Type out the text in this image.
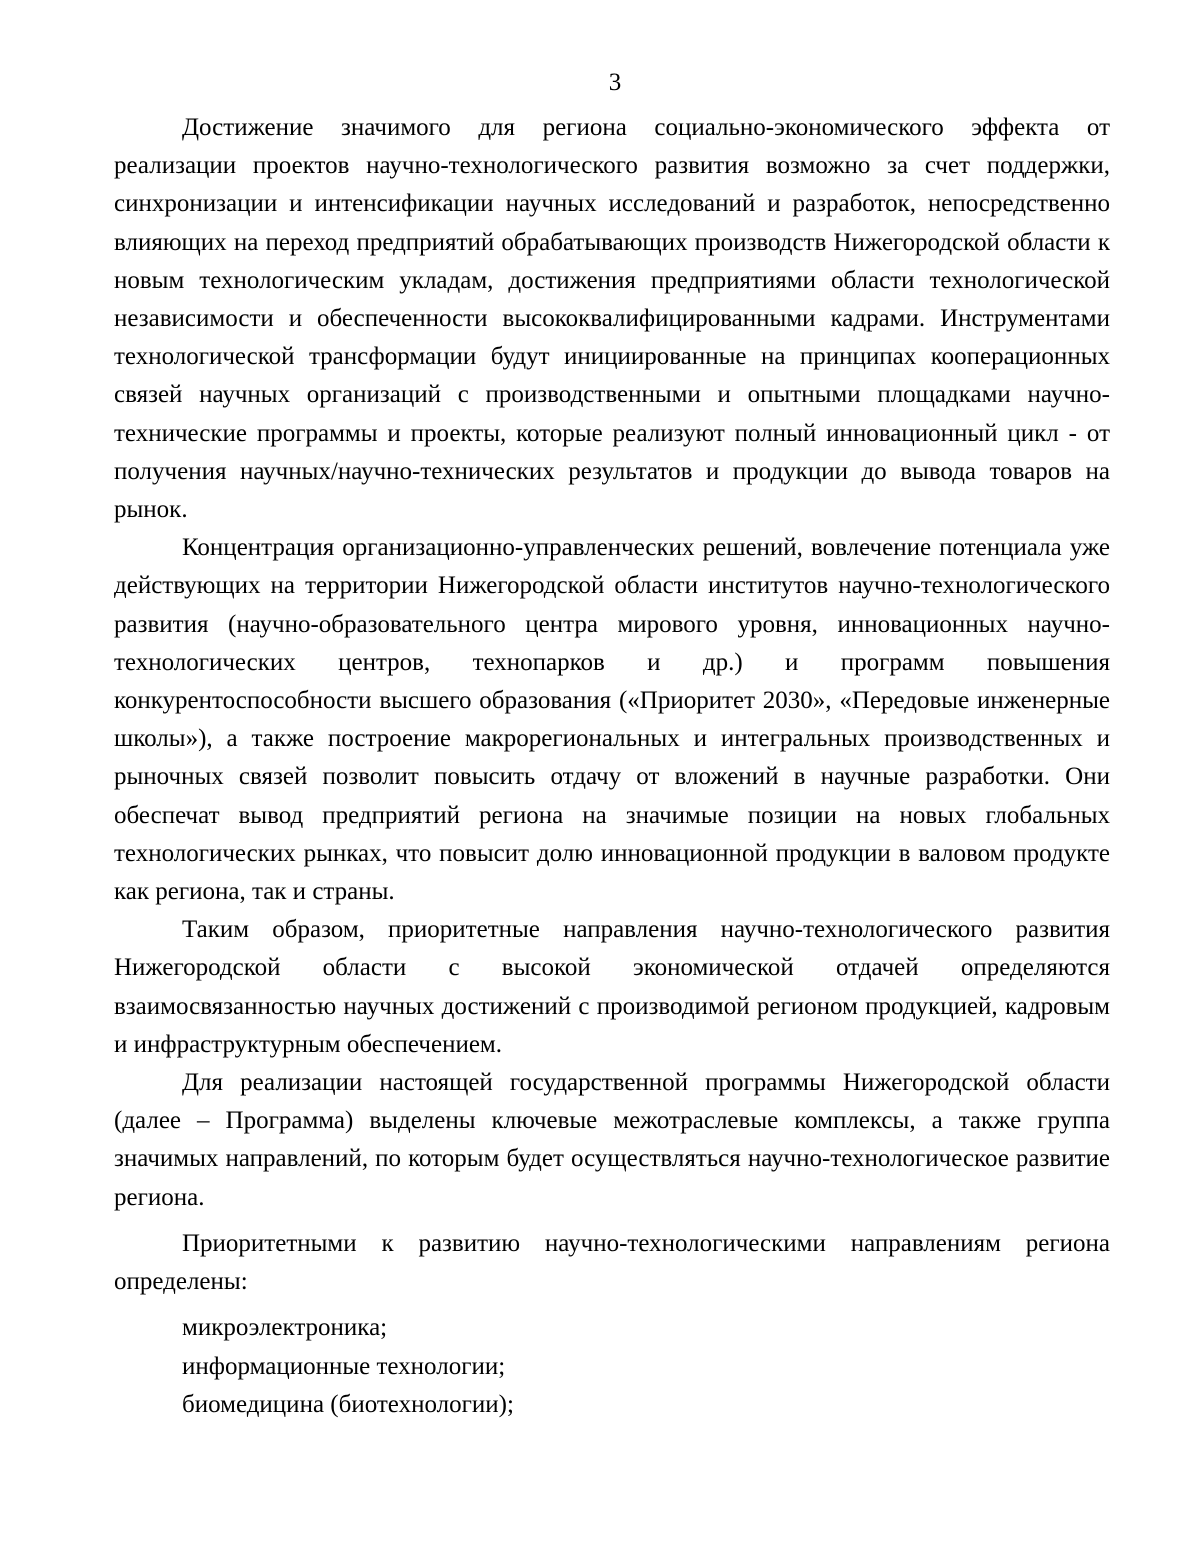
3

Достижение значимого для региона социально-экономического эффекта от реализации проектов научно-технологического развития возможно за счет поддержки, синхронизации и интенсификации научных исследований и разработок, непосредственно влияющих на переход предприятий обрабатывающих производств Нижегородской области к новым технологическим укладам, достижения предприятиями области технологической независимости и обеспеченности высококвалифицированными кадрами. Инструментами технологической трансформации будут инициированные на принципах кооперационных связей научных организаций с производственными и опытными площадками научно-технические программы и проекты, которые реализуют полный инновационный цикл - от получения научных/научно-технических результатов и продукции до вывода товаров на рынок.

Концентрация организационно-управленческих решений, вовлечение потенциала уже действующих на территории Нижегородской области институтов научно-технологического развития (научно-образовательного центра мирового уровня, инновационных научно-технологических центров, технопарков и др.) и программ повышения конкурентоспособности высшего образования («Приоритет 2030», «Передовые инженерные школы»), а также построение макрорегиональных и интегральных производственных и рыночных связей позволит повысить отдачу от вложений в научные разработки. Они обеспечат вывод предприятий региона на значимые позиции на новых глобальных технологических рынках, что повысит долю инновационной продукции в валовом продукте как региона, так и страны.

Таким образом, приоритетные направления научно-технологического развития Нижегородской области с высокой экономической отдачей определяются взаимосвязанностью научных достижений с производимой регионом продукцией, кадровым и инфраструктурным обеспечением.

Для реализации настоящей государственной программы Нижегородской области (далее – Программа) выделены ключевые межотраслевые комплексы, а также группа значимых направлений, по которым будет осуществляться научно-технологическое развитие региона.

Приоритетными к развитию научно-технологическими направлениям региона определены:

микроэлектроника;
информационные технологии;
биомедицина (биотехнологии);
